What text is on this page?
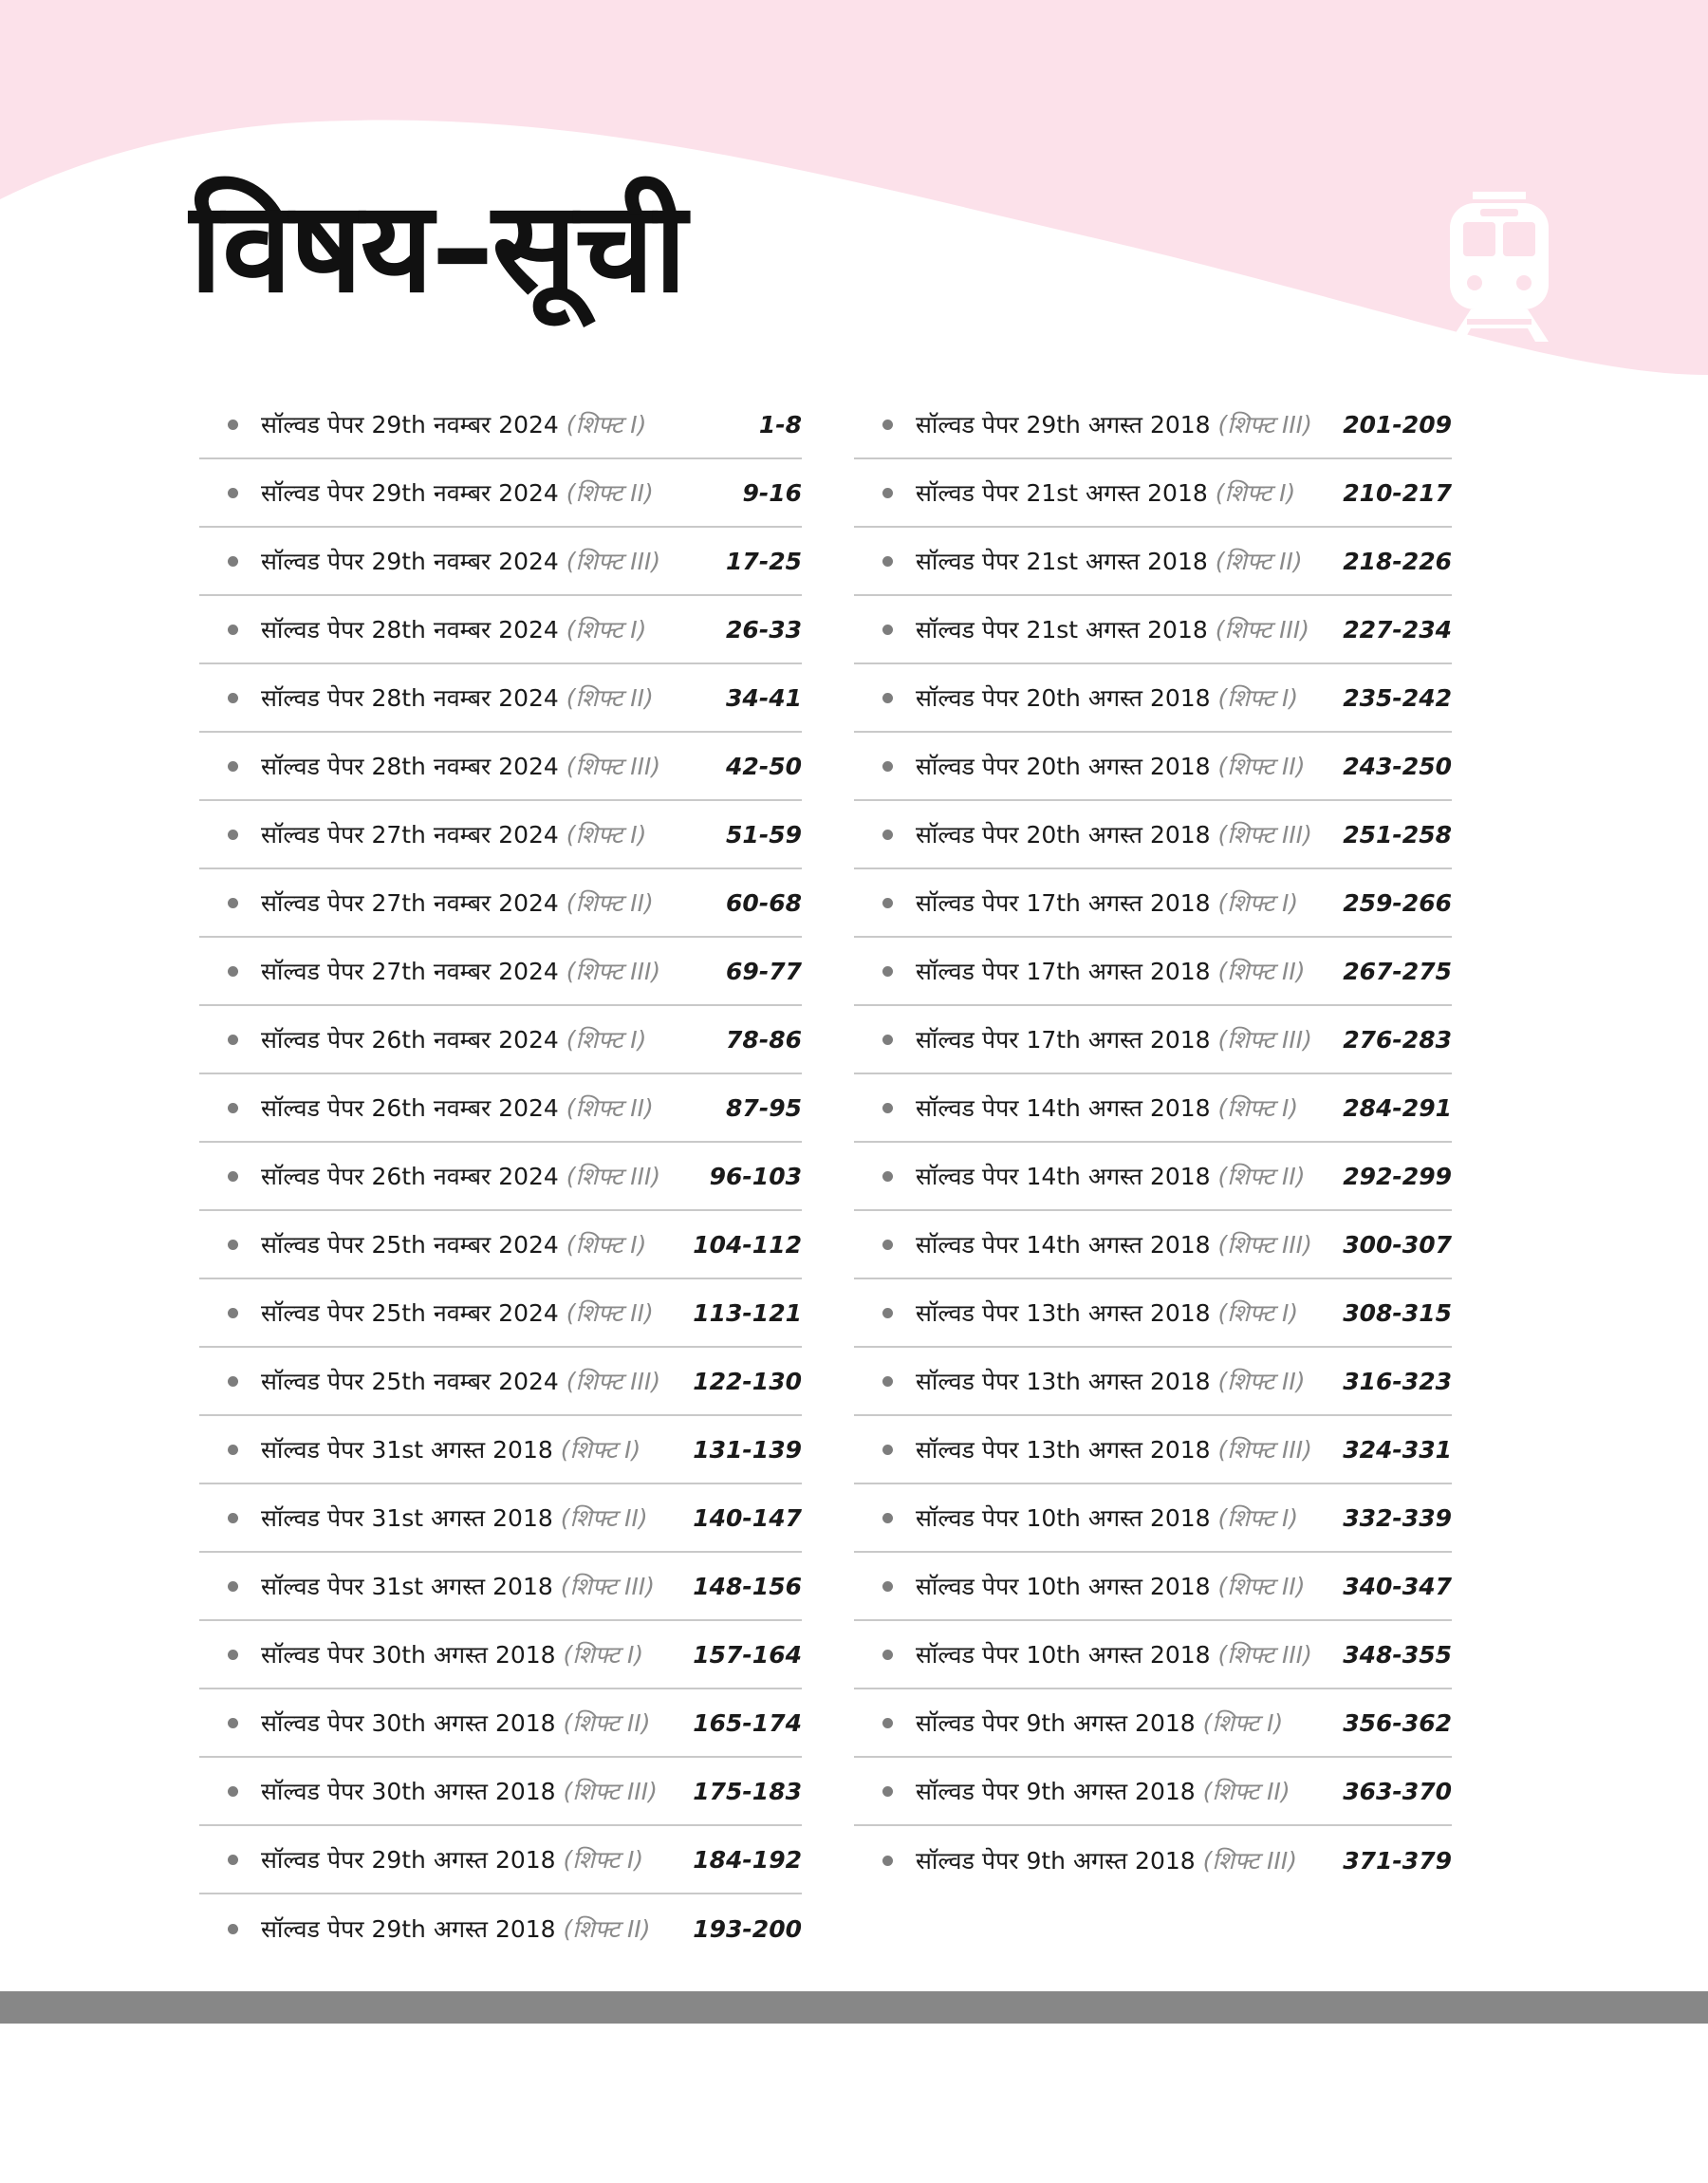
विषय–सूची
सॉल्वड पेपर 29th नवम्बर 2024 (शिफ्ट I)	1-8
सॉल्वड पेपर 29th नवम्बर 2024 (शिफ्ट II)	9-16
सॉल्वड पेपर 29th नवम्बर 2024 (शिफ्ट III)	17-25
सॉल्वड पेपर 28th नवम्बर 2024 (शिफ्ट I)	26-33
सॉल्वड पेपर 28th नवम्बर 2024 (शिफ्ट II)	34-41
सॉल्वड पेपर 28th नवम्बर 2024 (शिफ्ट III)	42-50
सॉल्वड पेपर 27th नवम्बर 2024 (शिफ्ट I)	51-59
सॉल्वड पेपर 27th नवम्बर 2024 (शिफ्ट II)	60-68
सॉल्वड पेपर 27th नवम्बर 2024 (शिफ्ट III)	69-77
सॉल्वड पेपर 26th नवम्बर 2024 (शिफ्ट I)	78-86
सॉल्वड पेपर 26th नवम्बर 2024 (शिफ्ट II)	87-95
सॉल्वड पेपर 26th नवम्बर 2024 (शिफ्ट III)	96-103
सॉल्वड पेपर 25th नवम्बर 2024 (शिफ्ट I)	104-112
सॉल्वड पेपर 25th नवम्बर 2024 (शिफ्ट II)	113-121
सॉल्वड पेपर 25th नवम्बर 2024 (शिफ्ट III)	122-130
सॉल्वड पेपर 31st अगस्त 2018 (शिफ्ट I)	131-139
सॉल्वड पेपर 31st अगस्त 2018 (शिफ्ट II)	140-147
सॉल्वड पेपर 31st अगस्त 2018 (शिफ्ट III)	148-156
सॉल्वड पेपर 30th अगस्त 2018 (शिफ्ट I)	157-164
सॉल्वड पेपर 30th अगस्त 2018 (शिफ्ट II)	165-174
सॉल्वड पेपर 30th अगस्त 2018 (शिफ्ट III)	175-183
सॉल्वड पेपर 29th अगस्त 2018 (शिफ्ट I)	184-192
सॉल्वड पेपर 29th अगस्त 2018 (शिफ्ट II)	193-200
सॉल्वड पेपर 29th अगस्त 2018 (शिफ्ट III)	201-209
सॉल्वड पेपर 21st अगस्त 2018 (शिफ्ट I)	210-217
सॉल्वड पेपर 21st अगस्त 2018 (शिफ्ट II)	218-226
सॉल्वड पेपर 21st अगस्त 2018 (शिफ्ट III)	227-234
सॉल्वड पेपर 20th अगस्त 2018 (शिफ्ट I)	235-242
सॉल्वड पेपर 20th अगस्त 2018 (शिफ्ट II)	243-250
सॉल्वड पेपर 20th अगस्त 2018 (शिफ्ट III)	251-258
सॉल्वड पेपर 17th अगस्त 2018 (शिफ्ट I)	259-266
सॉल्वड पेपर 17th अगस्त 2018 (शिफ्ट II)	267-275
सॉल्वड पेपर 17th अगस्त 2018 (शिफ्ट III)	276-283
सॉल्वड पेपर 14th अगस्त 2018 (शिफ्ट I)	284-291
सॉल्वड पेपर 14th अगस्त 2018 (शिफ्ट II)	292-299
सॉल्वड पेपर 14th अगस्त 2018 (शिफ्ट III)	300-307
सॉल्वड पेपर 13th अगस्त 2018 (शिफ्ट I)	308-315
सॉल्वड पेपर 13th अगस्त 2018 (शिफ्ट II)	316-323
सॉल्वड पेपर 13th अगस्त 2018 (शिफ्ट III)	324-331
सॉल्वड पेपर 10th अगस्त 2018 (शिफ्ट I)	332-339
सॉल्वड पेपर 10th अगस्त 2018 (शिफ्ट II)	340-347
सॉल्वड पेपर 10th अगस्त 2018 (शिफ्ट III)	348-355
सॉल्वड पेपर 9th अगस्त 2018 (शिफ्ट I)	356-362
सॉल्वड पेपर 9th अगस्त 2018 (शिफ्ट II)	363-370
सॉल्वड पेपर 9th अगस्त 2018 (शिफ्ट III)	371-379
